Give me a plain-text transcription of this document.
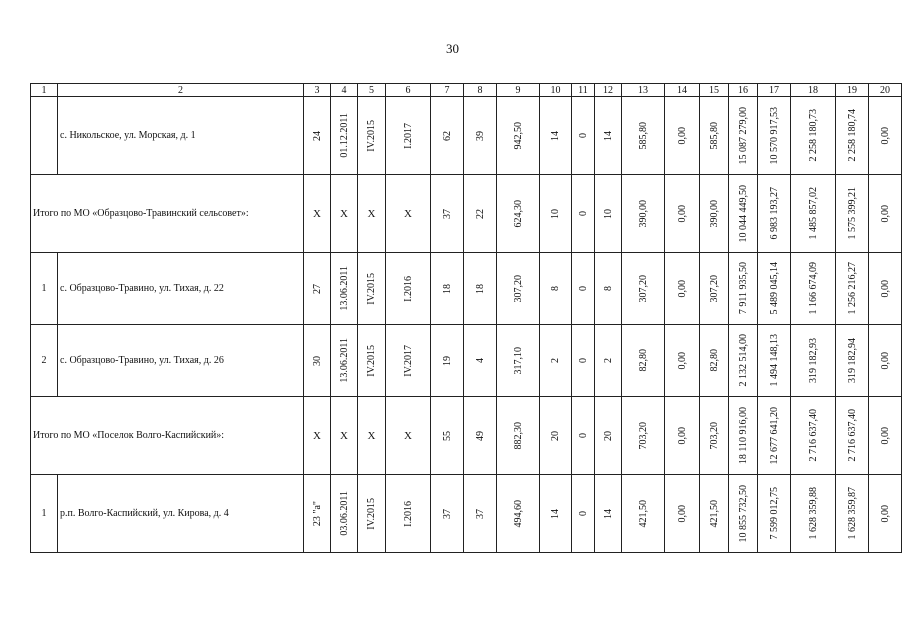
30
1	2	3	4	5	6	7	8	9	10	11	12	13	14	15	16	17	18	19	20
	с. Никольское, ул. Морская, д. 1	24	01.12.2011	IV.2015	I.2017	62	39	942,50	14	0	14	585,80	0,00	585,80	15 087 279,00	10 570 917,53	2 258 180,73	2 258 180,74	0,00

Итого по МО «Образцово-Травинский сельсовет»:		X	X	X	X	37	22	624,30	10	0	10	390,00	0,00	390,00	10 044 449,50	6 983 193,27	1 485 857,02	1 575 399,21	0,00

1	с. Образцово-Травино, ул. Тихая, д. 22	27	13.06.2011	IV.2015	I.2016	18	18	307,20	8	0	8	307,20	0,00	307,20	7 911 935,50	5 489 045,14	1 166 674,09	1 256 216,27	0,00

2	с. Образцово-Травино, ул. Тихая, д. 26	30	13.06.2011	IV.2015	IV.2017	19	4	317,10	2	0	2	82,80	0,00	82,80	2 132 514,00	1 494 148,13	319 182,93	319 182,94	0,00

Итого по МО «Поселок Волго-Каспийский»:		X	X	X	X	55	49	882,30	20	0	20	703,20	0,00	703,20	18 110 916,00	12 677 641,20	2 716 637,40	2 716 637,40	0,00

1	р.п. Волго-Каспийский, ул. Кирова, д. 4	23 "а"	03.06.2011	IV.2015	I.2016	37	37	494,60	14	0	14	421,50	0,00	421,50	10 855 732,50	7 599 012,75	1 628 359,88	1 628 359,87	0,00
